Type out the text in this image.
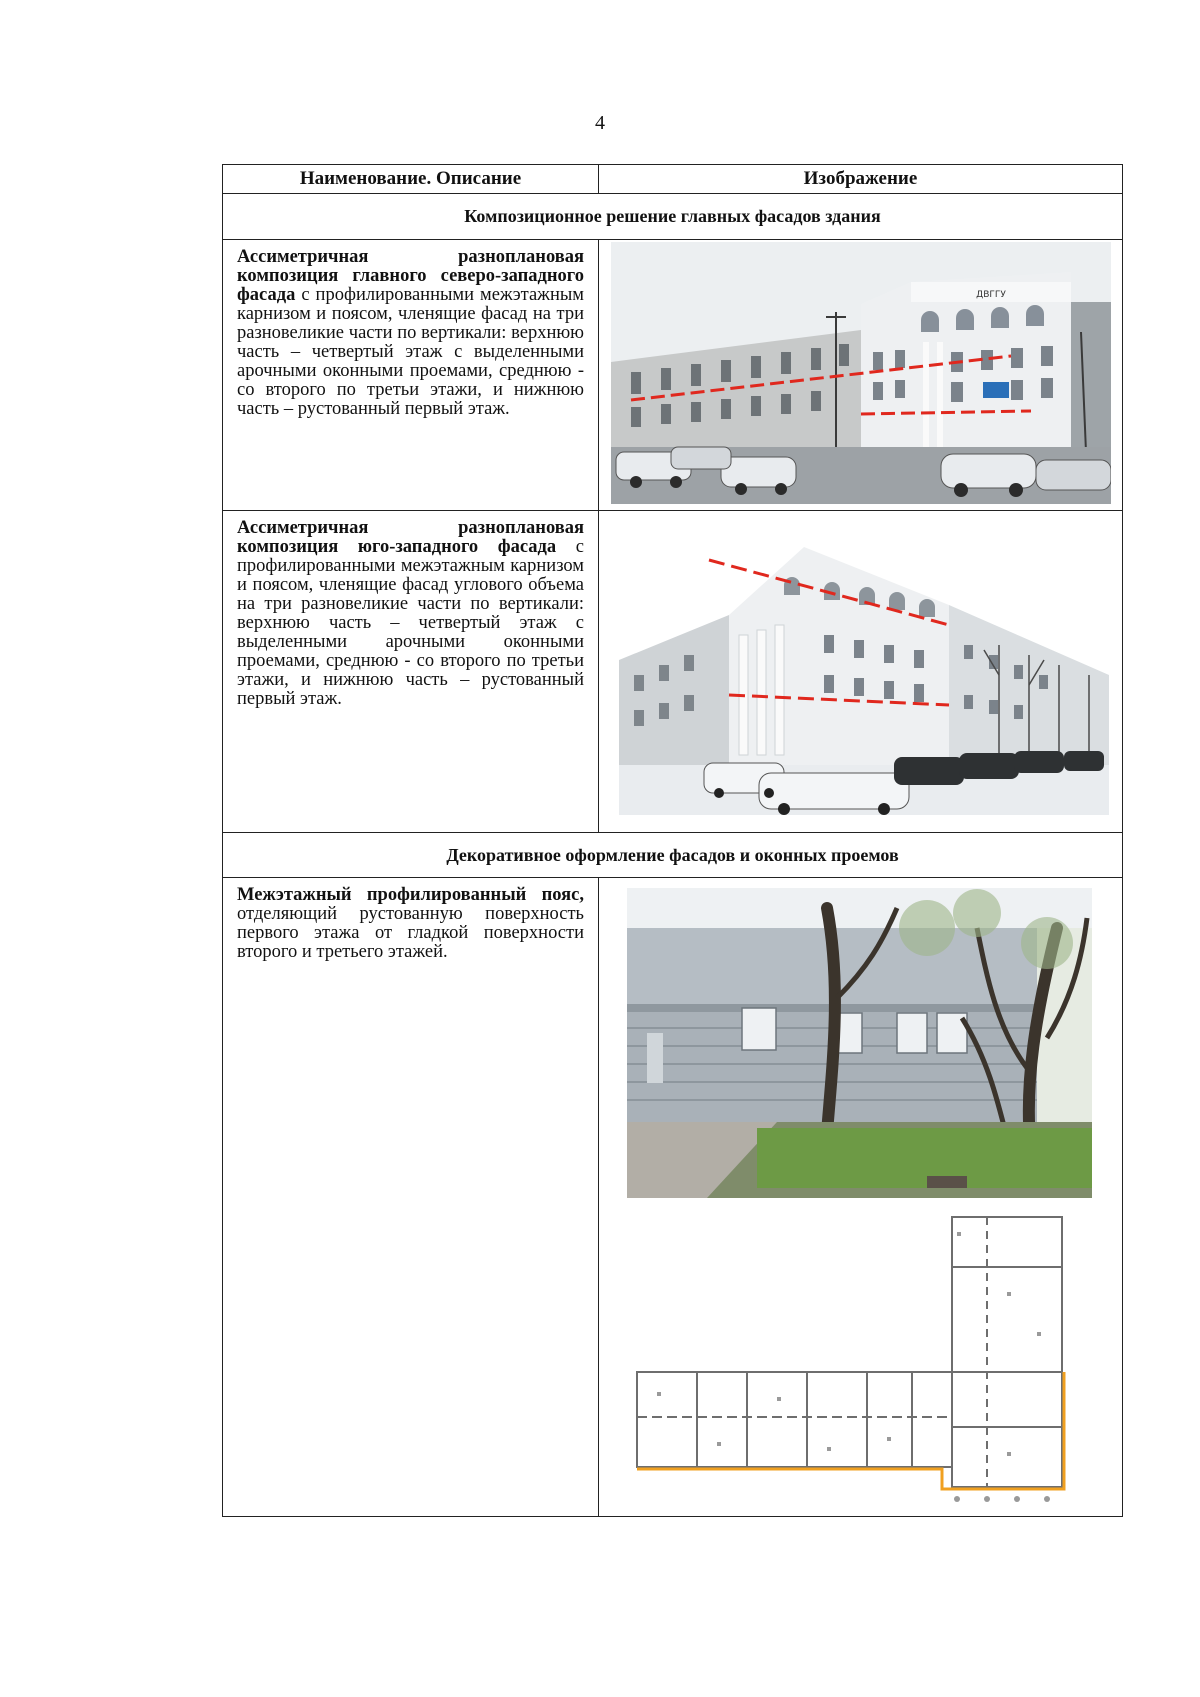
4
Наименование. Описание	Изображение
Композиционное решение главных фасадов здания	
Ассиметричная разноплановая композиция главного северо-западного фасада с профилированными межэтажным карнизом и поясом, членящие фасад на три разновеликие части по вертикали: верхнюю часть – четвертый этаж с выделенными арочными оконными проемами, среднюю - со второго по третьи этажи, и нижнюю часть – рустованный первый этаж.	ДВГГУ

Ассиметричная разноплановая композиция юго-западного фасада с профилированными межэтажным карнизом и поясом, членящие фасад углового объема на три разновеликие части по вертикали: верхнюю часть – четвертый этаж с выделенными арочными оконными проемами, среднюю - со второго по третьи этажи, и нижнюю часть – рустованный первый этаж.	

Декоративное оформление фасадов и оконных проемов	
Межэтажный профилированный пояс, отделяющий рустованную поверхность первого этажа от гладкой поверхности второго и третьего этажей.	
